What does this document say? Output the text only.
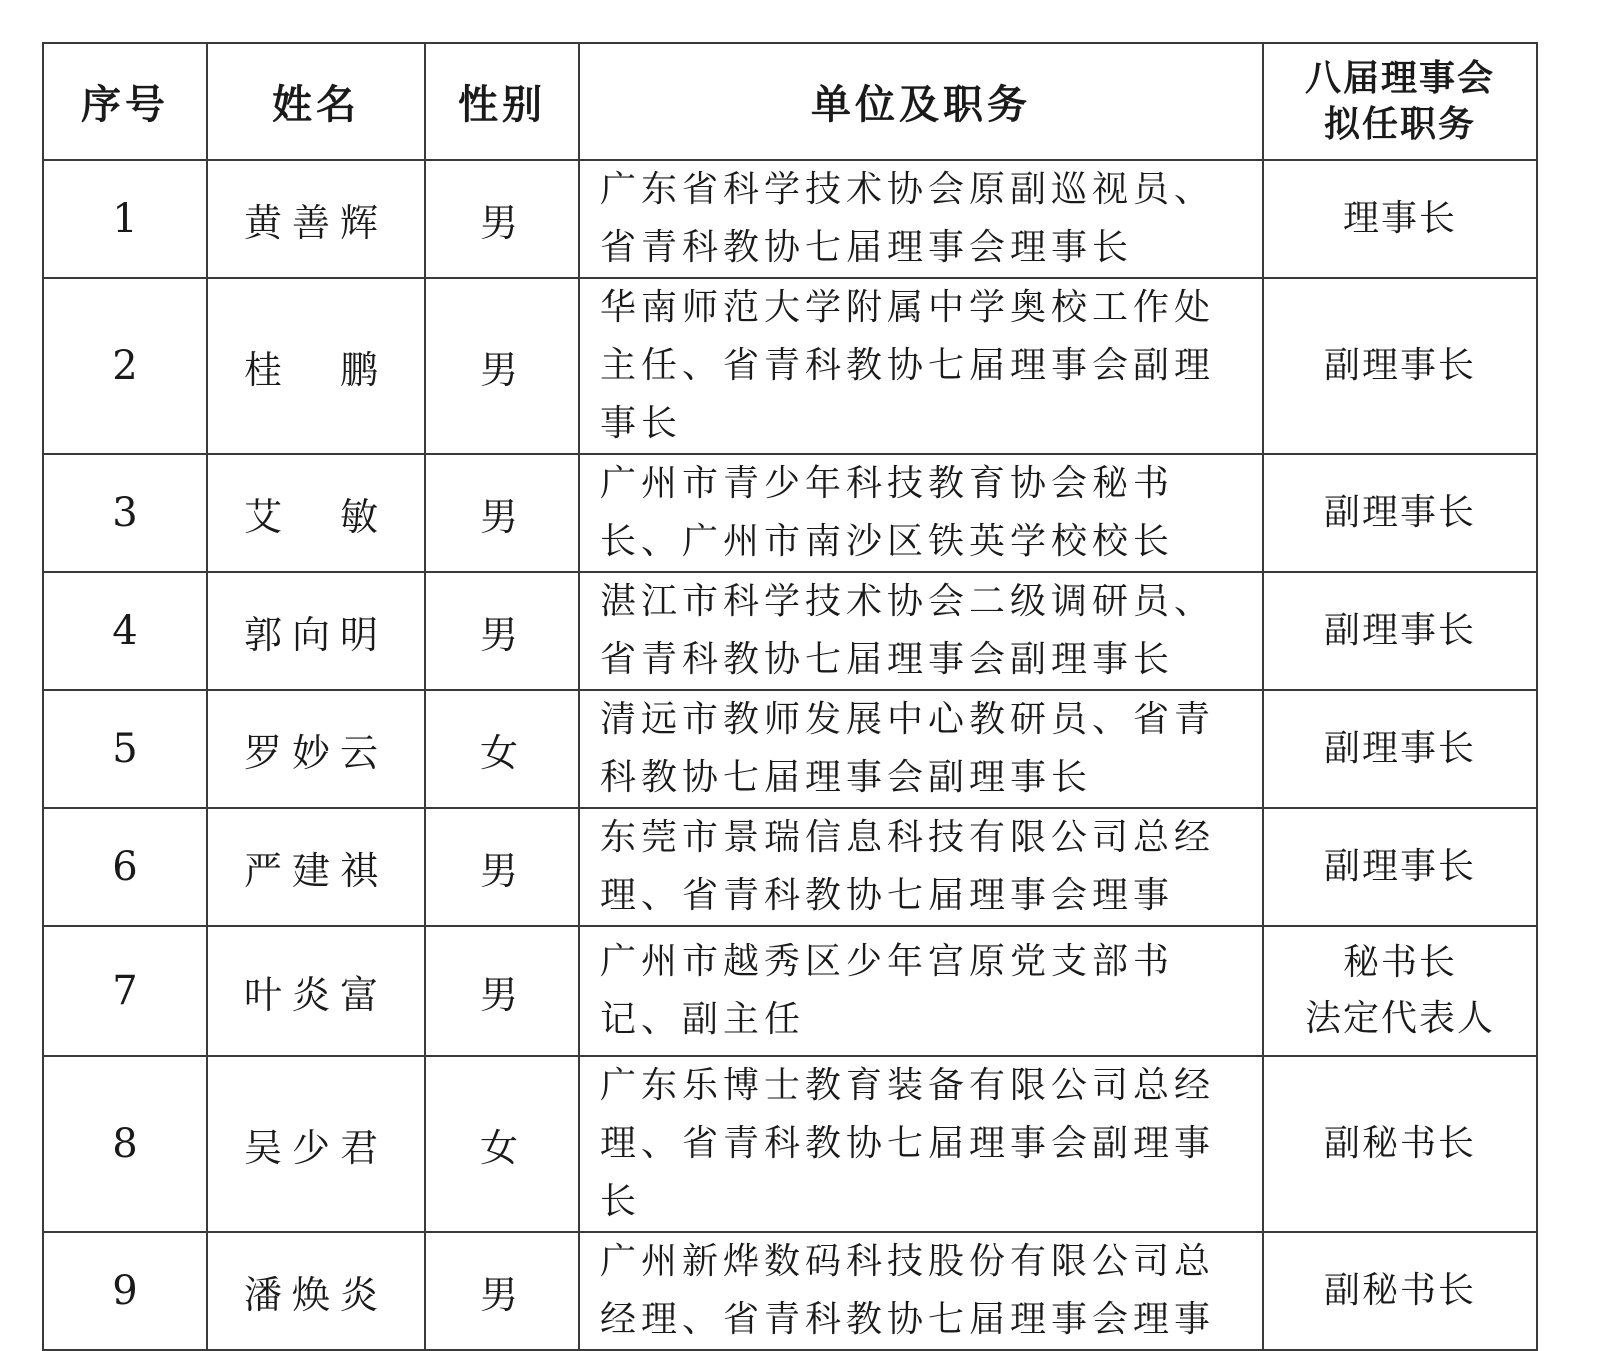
序号	姓名	性别	单位及职务	八届理事会
拟任职务

1	黄善辉	男	广东省科学技术协会原副巡视员、省青科教协七届理事会理事长	理事长

2	桂　鹏	男	华南师范大学附属中学奥校工作处主任、省青科教协七届理事会副理事长	副理事长

3	艾　敏	男	广州市青少年科技教育协会秘书长、广州市南沙区铁英学校校长	副理事长

4	郭向明	男	湛江市科学技术协会二级调研员、省青科教协七届理事会副理事长	副理事长

5	罗妙云	女	清远市教师发展中心教研员、省青科教协七届理事会副理事长	副理事长

6	严建祺	男	东莞市景瑞信息科技有限公司总经理、省青科教协七届理事会理事	副理事长

7	叶炎富	男	广州市越秀区少年宫原党支部书记、副主任	秘书长
法定代表人

8	吴少君	女	广东乐博士教育装备有限公司总经理、省青科教协七届理事会副理事长	副秘书长

9	潘焕炎	男	广州新烨数码科技股份有限公司总经理、省青科教协七届理事会理事	副秘书长
